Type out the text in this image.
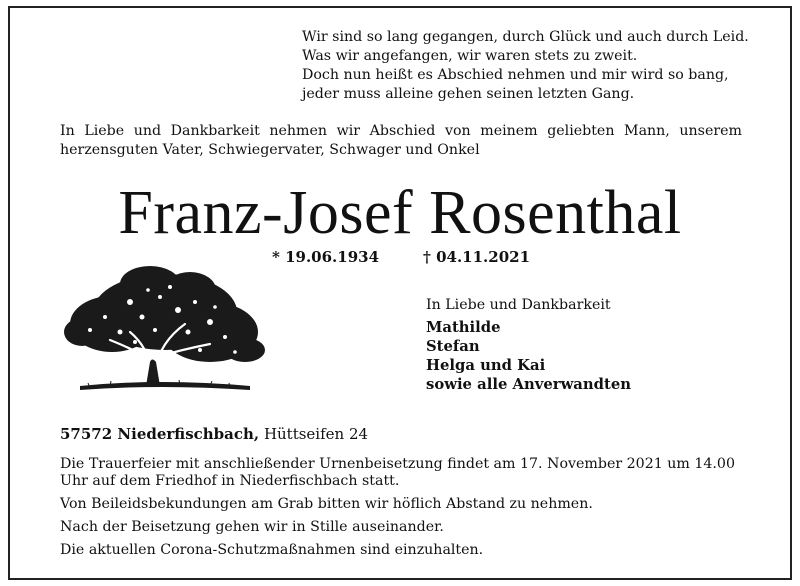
Wir sind so lang gegangen, durch Glück und auch durch Leid.
Was wir angefangen, wir waren stets zu zweit.
Doch nun heißt es Abschied nehmen und mir wird so bang,
jeder muss alleine gehen seinen letzten Gang.
In Liebe und Dankbarkeit nehmen wir Abschied von meinem geliebten Mann, unserem herzensguten Vater, Schwiegervater, Schwager und Onkel
Franz-Josef Rosenthal
* 19.06.1934	† 04.11.2021
In Liebe und Dankbarkeit
Mathilde
Stefan
Helga und Kai
sowie alle Anverwandten
57572 Niederfischbach, Hüttseifen 24

Die Trauerfeier mit anschließender Urnenbeisetzung findet am 17. November 2021 um 14.00 Uhr auf dem Friedhof in Niederfischbach statt.

Von Beileidsbekundungen am Grab bitten wir höflich Abstand zu nehmen.

Nach der Beisetzung gehen wir in Stille auseinander.

Die aktuellen Corona-Schutzmaßnahmen sind einzuhalten.
